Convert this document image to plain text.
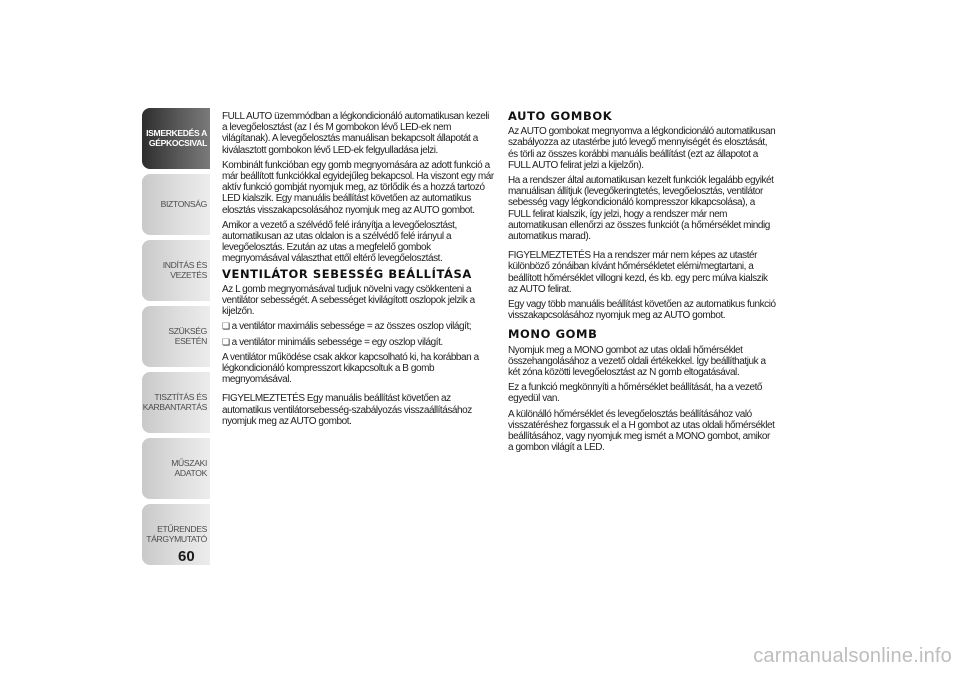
ISMERKEDÉS A
GÉPKOCSIVAL
BIZTONSÁG
INDÍTÁS ÉS VEZETÉS
SZÜKSÉG ESETÉN
TISZTÍTÁS ÉS
KARBANTARTÁS
MŰSZAKI ADATOK
ETŰRENDES
TÁRGYMUTATÓ
60

FULL AUTO üzemmódban a légkondicionáló automatikusan kezeli a levegőelosztást (az I és M gombokon lévő LED-ek nem világítanak). A levegőelosztás manuálisan bekapcsolt állapotát a kiválasztott gombokon lévő LED-ek felgyulladása jelzi.

Kombinált funkcióban egy gomb megnyomására az adott funkció a már beállított funkciókkal egyidejűleg bekapcsol. Ha viszont egy már aktív funkció gombját nyomjuk meg, az törlődik és a hozzá tartozó LED kialszik. Egy manuális beállítást követően az automatikus elosztás visszakapcsolásához nyomjuk meg az AUTO gombot.

Amikor a vezető a szélvédő felé irányítja a levegőelosztást, automatikusan az utas oldalon is a szélvédő felé irányul a levegőelosztás. Ezután az utas a megfelelő gombok megnyomásával választhat ettől eltérő levegőelosztást.

VENTILÁTOR SEBESSÉG BEÁLLÍTÁSA

Az L gomb megnyomásával tudjuk növelni vagy csökkenteni a ventilátor sebességét. A sebességet kivilágított oszlopok jelzik a kijelzőn.

❏ a ventilátor maximális sebessége = az összes oszlop világít;

❏ a ventilátor minimális sebessége = egy oszlop világít.

A ventilátor működése csak akkor kapcsolható ki, ha korábban a légkondicionáló kompresszort kikapcsoltuk a B gomb megnyomásával.

FIGYELMEZTETÉS Egy manuális beállítást követően az automatikus ventilátorsebesség-szabályozás visszaállításához nyomjuk meg az AUTO gombot.

AUTO GOMBOK

Az AUTO gombokat megnyomva a légkondicionáló automatikusan szabályozza az utastérbe jutó levegő mennyiségét és elosztását, és törli az összes korábbi manuális beállítást (ezt az állapotot a FULL AUTO felirat jelzi a kijelzőn).

Ha a rendszer által automatikusan kezelt funkciók legalább egyikét manuálisan állítjuk (levegőkeringtetés, levegőelosztás, ventilátor sebesség vagy légkondicionáló kompresszor kikapcsolása), a FULL felirat kialszik, így jelzi, hogy a rendszer már nem automatikusan ellenőrzi az összes funkciót (a hőmérséklet mindig automatikus marad).

FIGYELMEZTETÉS Ha a rendszer már nem képes az utastér különböző zónáiban kívánt hőmérsékletet elérni/megtartani, a beállított hőmérséklet villogni kezd, és kb. egy perc múlva kialszik az AUTO felirat.

Egy vagy több manuális beállítást követően az automatikus funkció visszakapcsolásához nyomjuk meg az AUTO gombot.

MONO GOMB

Nyomjuk meg a MONO gombot az utas oldali hőmérséklet összehangolásához a vezető oldali értékekkel. Így beállíthatjuk a két zóna közötti levegőelosztást az N gomb eltogatásával.

Ez a funkció megkönnyíti a hőmérséklet beállítását, ha a vezető egyedül van.

A különálló hőmérséklet és levegőelosztás beállításához való visszatéréshez forgassuk el a H gombot az utas oldali hőmérséklet beállításához, vagy nyomjuk meg ismét a MONO gombot, amikor a gombon világít a LED.

carmanualsonline.info
